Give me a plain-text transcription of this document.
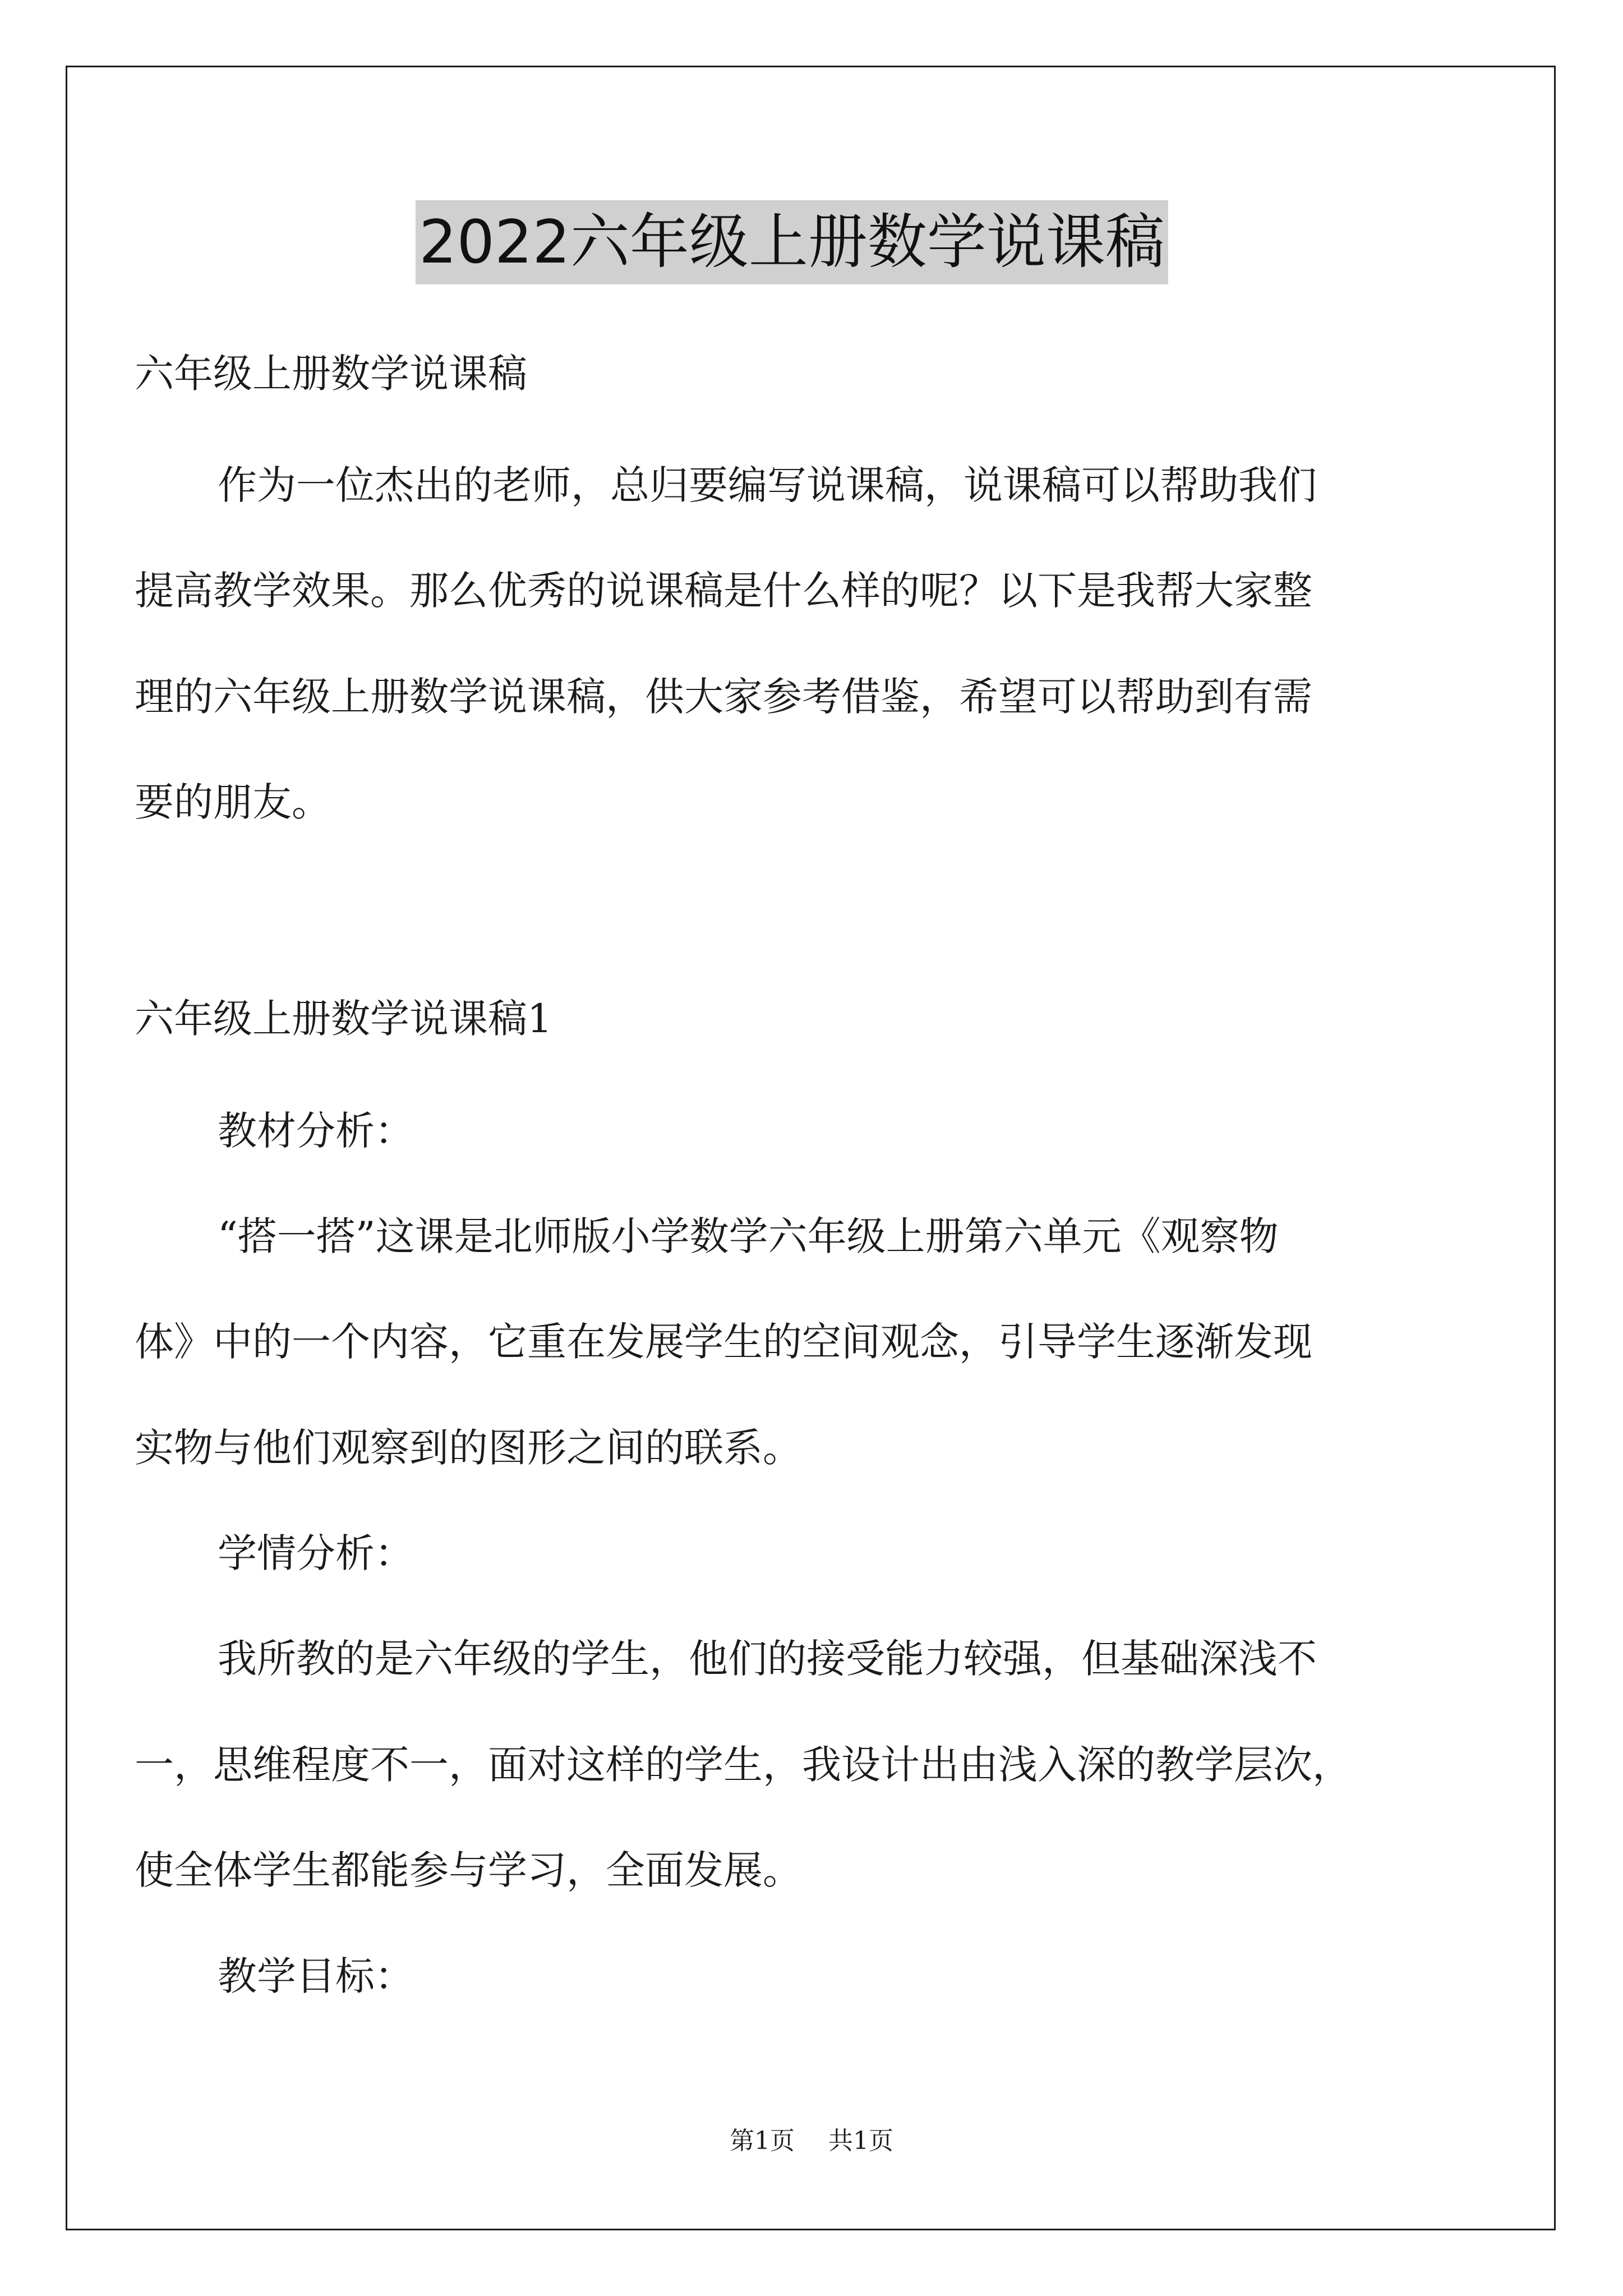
2022六年级上册数学说课稿
六年级上册数学说课稿
作为一位杰出的老师，总归要编写说课稿，说课稿可以帮助我们
提高教学效果。那么优秀的说课稿是什么样的呢？以下是我帮大家整
理的六年级上册数学说课稿，供大家参考借鉴，希望可以帮助到有需
要的朋友。
六年级上册数学说课稿1
教材分析：
“搭一搭”这课是北师版小学数学六年级上册第六单元《观察物
体》中的一个内容，它重在发展学生的空间观念，引导学生逐渐发现
实物与他们观察到的图形之间的联系。
学情分析：
我所教的是六年级的学生，他们的接受能力较强，但基础深浅不
一，思维程度不一，面对这样的学生，我设计出由浅入深的教学层次，
使全体学生都能参与学习，全面发展。
教学目标：
第1页 共1页
